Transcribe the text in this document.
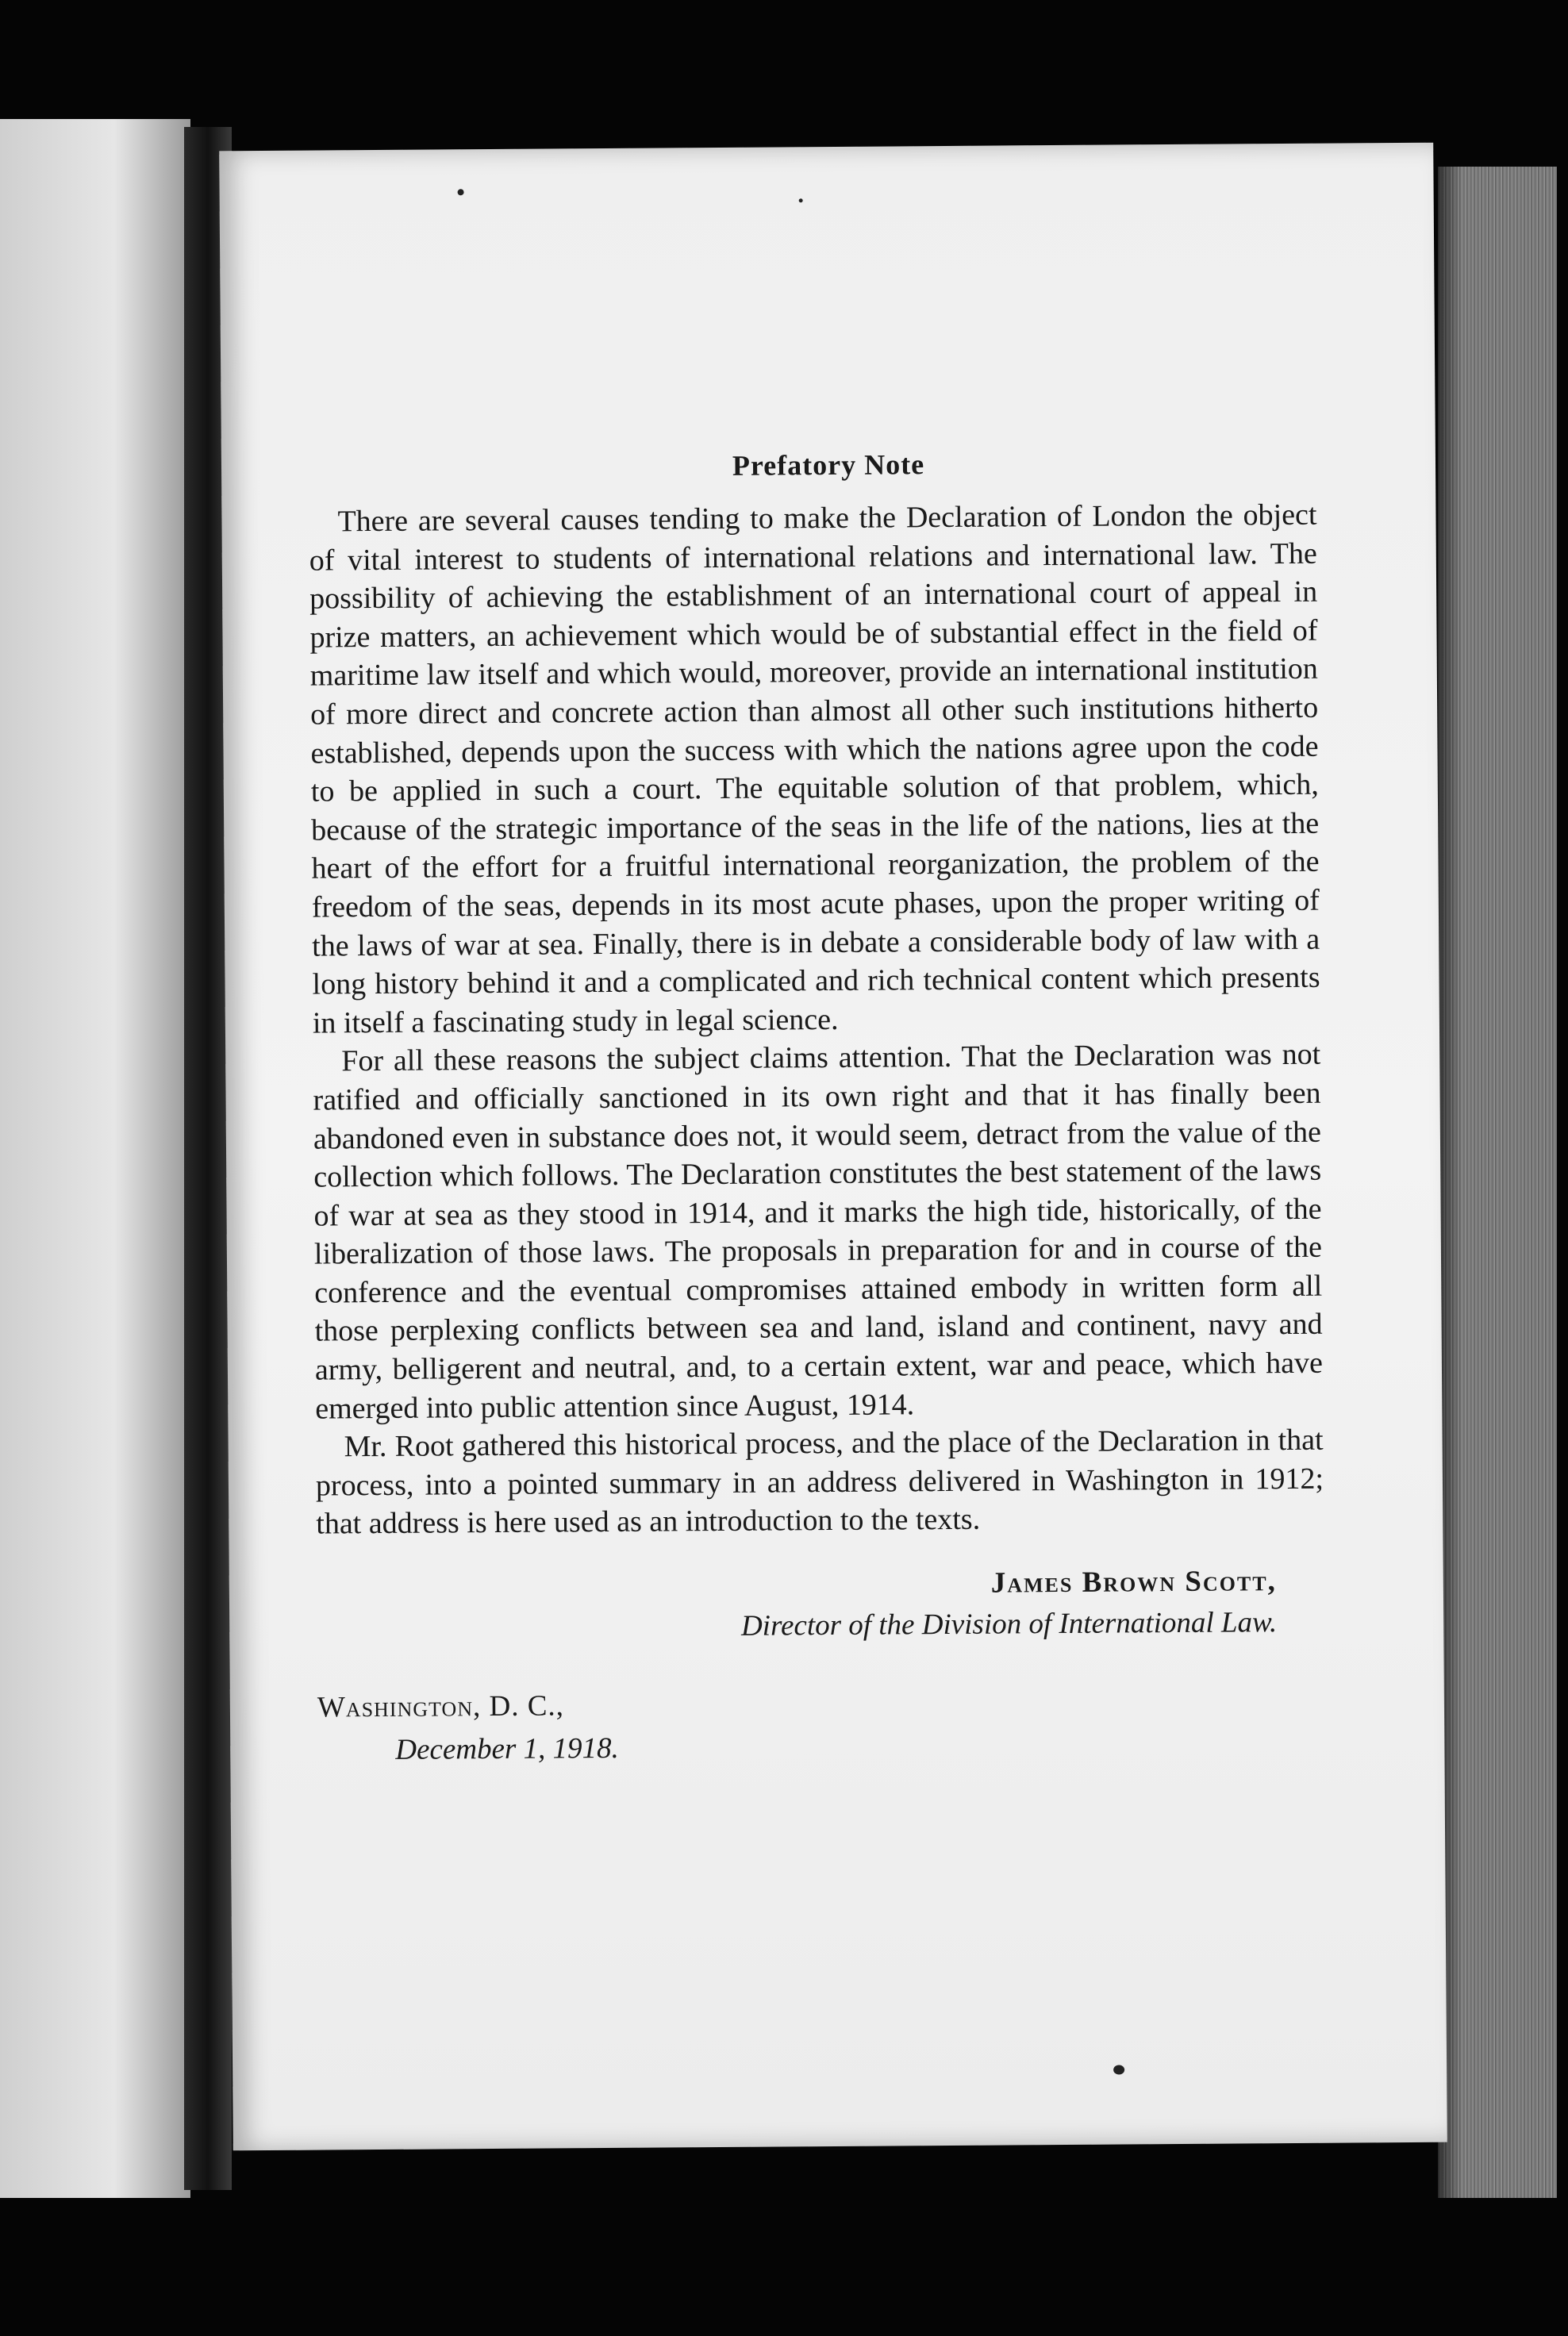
Prefatory Note

There are several causes tending to make the Declaration of London the object of vital interest to students of international relations and international law. The possibility of achieving the establishment of an international court of appeal in prize matters, an achievement which would be of substantial effect in the field of maritime law itself and which would, moreover, provide an international institution of more direct and concrete action than almost all other such institutions hitherto established, depends upon the success with which the nations agree upon the code to be applied in such a court. The equitable solution of that problem, which, because of the strategic importance of the seas in the life of the nations, lies at the heart of the effort for a fruitful international reorganization, the problem of the freedom of the seas, depends in its most acute phases, upon the proper writing of the laws of war at sea. Finally, there is in debate a considerable body of law with a long history behind it and a complicated and rich technical content which presents in itself a fascinating study in legal science.

For all these reasons the subject claims attention. That the Declaration was not ratified and officially sanctioned in its own right and that it has finally been abandoned even in substance does not, it would seem, detract from the value of the collection which follows. The Declaration constitutes the best statement of the laws of war at sea as they stood in 1914, and it marks the high tide, historically, of the liberalization of those laws. The proposals in preparation for and in course of the conference and the eventual compromises attained embody in written form all those perplexing conflicts between sea and land, island and continent, navy and army, belligerent and neutral, and, to a certain extent, war and peace, which have emerged into public attention since August, 1914.

Mr. Root gathered this historical process, and the place of the Declaration in that process, into a pointed summary in an address delivered in Washington in 1912; that address is here used as an introduction to the texts.

James Brown Scott,
Director of the Division of International Law.
Washington, D. C.,
December 1, 1918.
